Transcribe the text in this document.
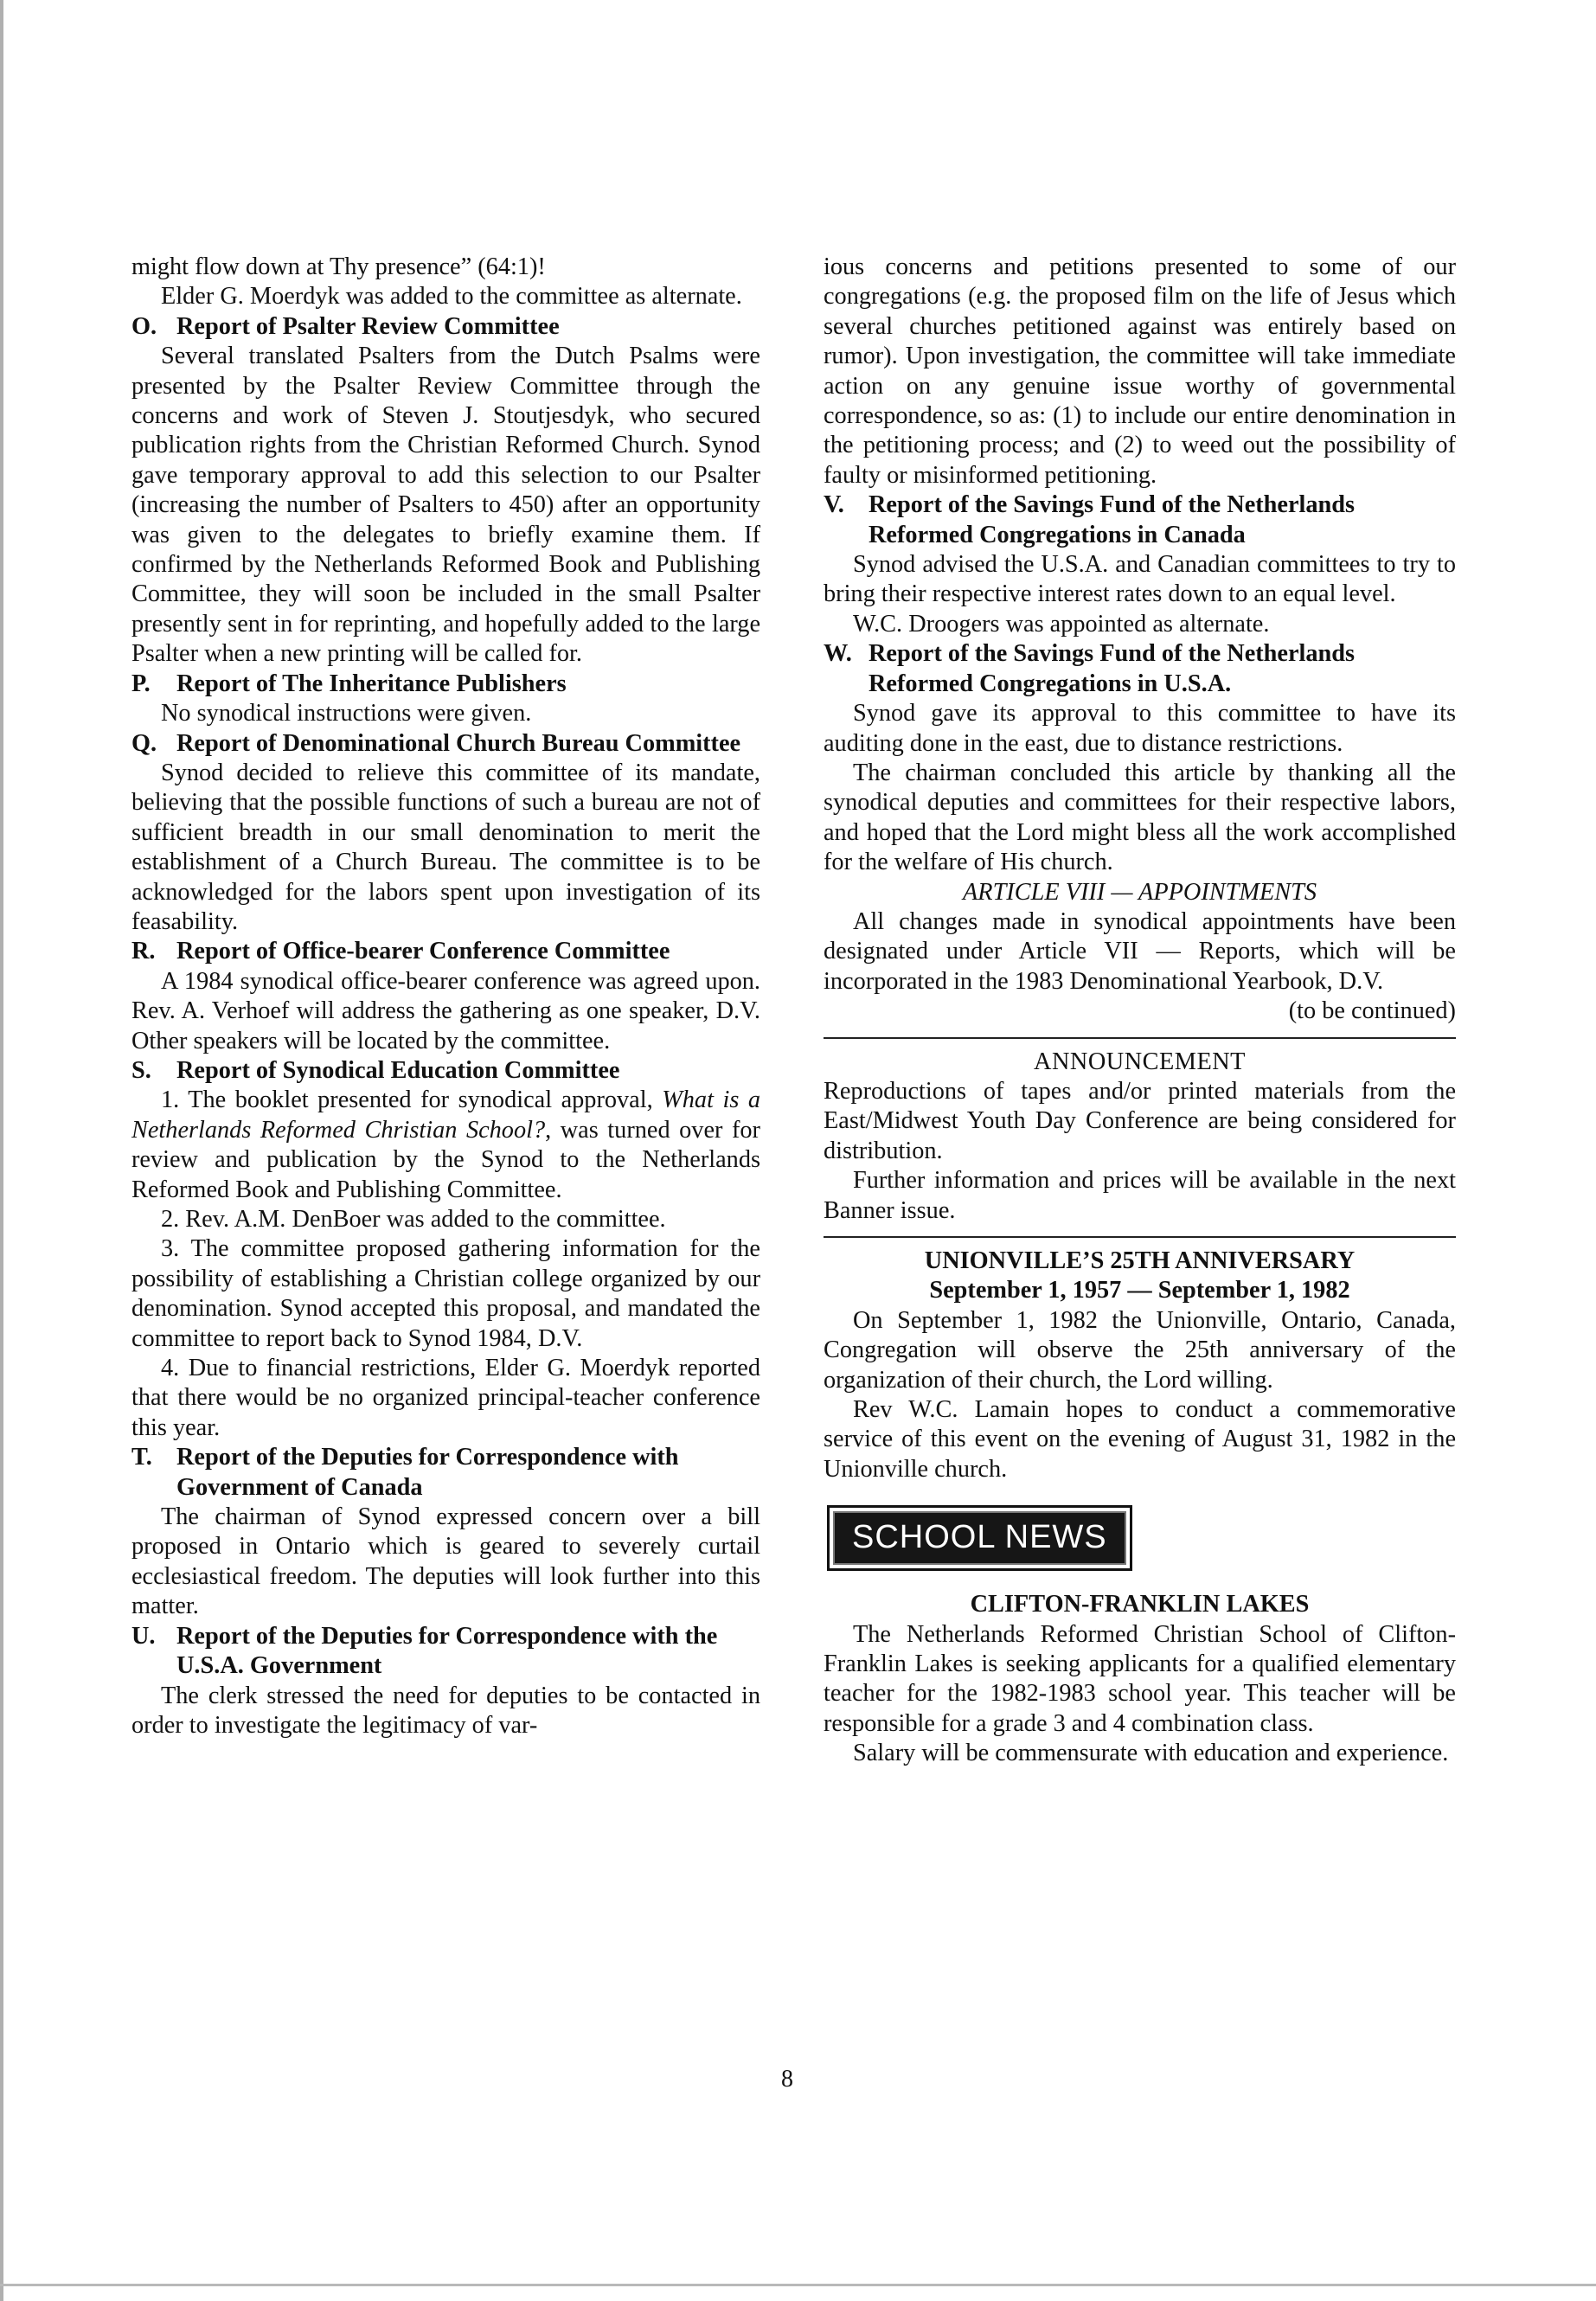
might flow down at Thy presence” (64:1)!

Elder G. Moerdyk was added to the committee as alternate.

O. Report of Psalter Review Committee

Several translated Psalters from the Dutch Psalms were presented by the Psalter Review Committee through the concerns and work of Steven J. Stoutjesdyk, who secured publication rights from the Christian Reformed Church. Synod gave temporary approval to add this selection to our Psalter (increasing the number of Psalters to 450) after an opportunity was given to the delegates to briefly examine them. If confirmed by the Netherlands Reformed Book and Publishing Committee, they will soon be included in the small Psalter presently sent in for reprinting, and hopefully added to the large Psalter when a new printing will be called for.

P. Report of The Inheritance Publishers

No synodical instructions were given.

Q. Report of Denominational Church Bureau Committee

Synod decided to relieve this committee of its mandate, believing that the possible functions of such a bureau are not of sufficient breadth in our small denomination to merit the establishment of a Church Bureau. The committee is to be acknowledged for the labors spent upon investigation of its feasability.

R. Report of Office-bearer Conference Committee

A 1984 synodical office-bearer conference was agreed upon. Rev. A. Verhoef will address the gathering as one speaker, D.V. Other speakers will be located by the committee.

S. Report of Synodical Education Committee

1. The booklet presented for synodical approval, What is a Netherlands Reformed Christian School?, was turned over for review and publication by the Synod to the Netherlands Reformed Book and Publishing Committee.

2. Rev. A.M. DenBoer was added to the committee.

3. The committee proposed gathering information for the possibility of establishing a Christian college organized by our denomination. Synod accepted this proposal, and mandated the committee to report back to Synod 1984, D.V.

4. Due to financial restrictions, Elder G. Moerdyk reported that there would be no organized principal-teacher conference this year.

T. Report of the Deputies for Correspondence with Government of Canada

The chairman of Synod expressed concern over a bill proposed in Ontario which is geared to severely curtail ecclesiastical freedom. The deputies will look further into this matter.

U. Report of the Deputies for Correspondence with the U.S.A. Government

The clerk stressed the need for deputies to be contacted in order to investigate the legitimacy of var-

ious concerns and petitions presented to some of our congregations (e.g. the proposed film on the life of Jesus which several churches petitioned against was entirely based on rumor). Upon investigation, the committee will take immediate action on any genuine issue worthy of governmental correspondence, so as: (1) to include our entire denomination in the petitioning process; and (2) to weed out the possibility of faulty or misinformed petitioning.

V. Report of the Savings Fund of the Netherlands Reformed Congregations in Canada

Synod advised the U.S.A. and Canadian committees to try to bring their respective interest rates down to an equal level.

W.C. Droogers was appointed as alternate.

W. Report of the Savings Fund of the Netherlands Reformed Congregations in U.S.A.

Synod gave its approval to this committee to have its auditing done in the east, due to distance restrictions.

The chairman concluded this article by thanking all the synodical deputies and committees for their respective labors, and hoped that the Lord might bless all the work accomplished for the welfare of His church.

ARTICLE VIII — APPOINTMENTS

All changes made in synodical appointments have been designated under Article VII — Reports, which will be incorporated in the 1983 Denominational Yearbook, D.V.

(to be continued)
ANNOUNCEMENT

Reproductions of tapes and/or printed materials from the East/Midwest Youth Day Conference are being considered for distribution.

Further information and prices will be available in the next Banner issue.

UNIONVILLE’S 25TH ANNIVERSARY
September 1, 1957 — September 1, 1982

On September 1, 1982 the Unionville, Ontario, Canada, Congregation will observe the 25th anniversary of the organization of their church, the Lord willing.

Rev W.C. Lamain hopes to conduct a commemorative service of this event on the evening of August 31, 1982 in the Unionville church.

SCHOOL NEWS
CLIFTON-FRANKLIN LAKES

The Netherlands Reformed Christian School of Clifton-Franklin Lakes is seeking applicants for a qualified elementary teacher for the 1982-1983 school year. This teacher will be responsible for a grade 3 and 4 combination class.

Salary will be commensurate with education and experience.

8
